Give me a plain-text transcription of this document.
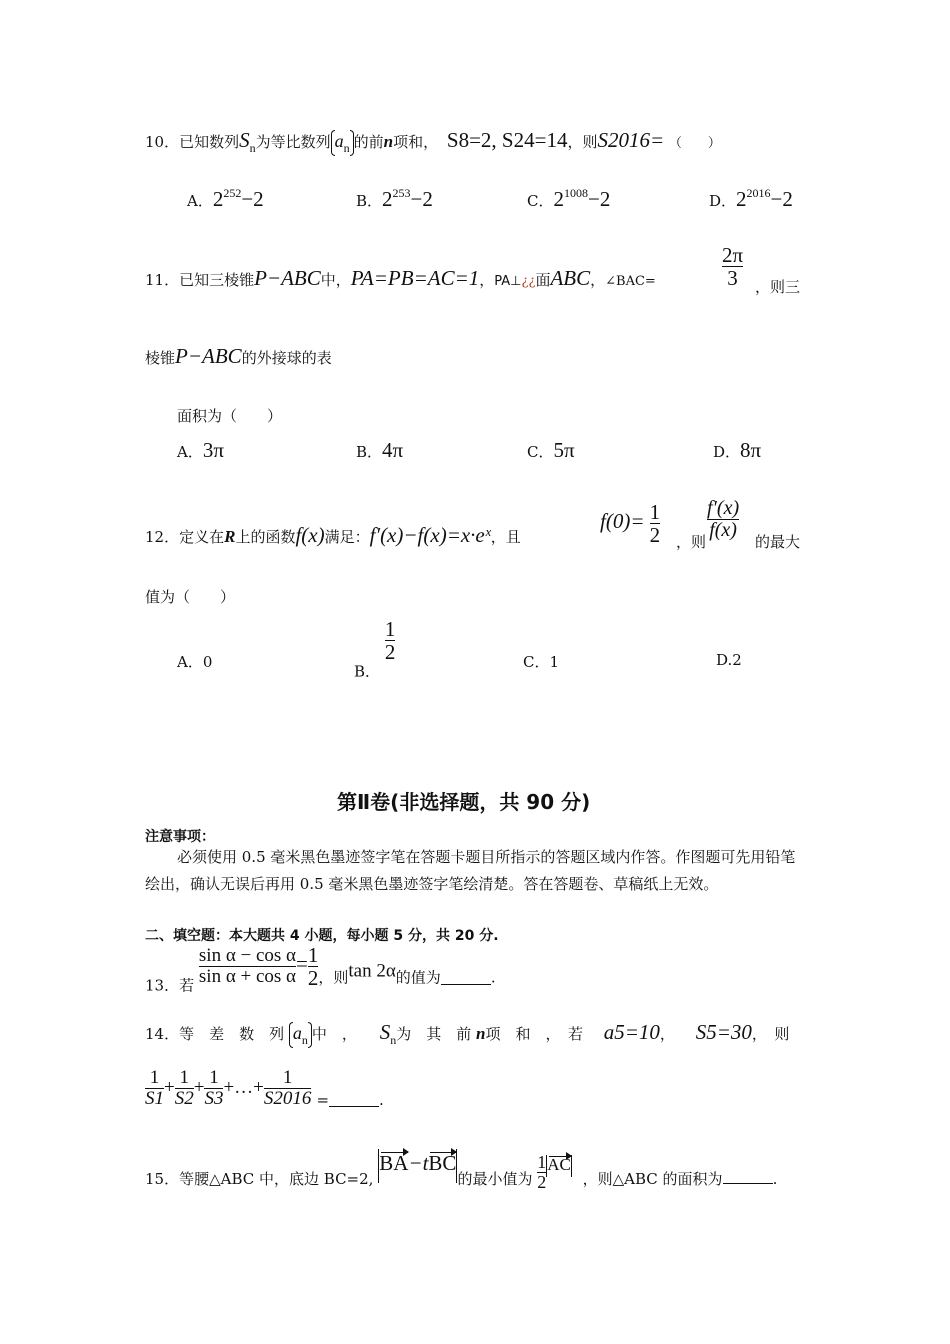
10．已知数列$S_n$为等比数列 $a_n$ 的前n项和， S8=2, S24=14，则S2016= （　　）
A．$2^{252}-2$	B．$2^{253}-2$	C．$2^{1008}-2$	D．$2^{2016}-2$
11．已知三棱锥P−ABC中，PA=PB=AC=1，PA⊥¿¿面ABC，∠BAC=	$\frac{2\pi}{3}$ ，则三
棱锥P−ABC的外接球的表
面积为（　　）
A．3π	B．4π	C．5π	D．8π
12．定义在R上的函数f(x)满足：f′(x)−f(x)=x·eˣ，且
$f(0)= \frac{1}{2}$ ，则
$\frac{f'(x)}{f(x)}$
的最大
值为（　　）
A．0
B．
$\frac{1}{2}$	C．1	D.2
第Ⅱ卷(非选择题，共 90 分)
注意事项：
必须使用 0.5 毫米黑色墨迹签字笔在答题卡题目所指示的答题区域内作答。作图题可先用铅笔绘出，确认无误后再用 0.5 毫米黑色墨迹签字笔绘清楚。答在答题卷、草稿纸上无效。
二、填空题：本大题共 4 小题，每小题 5 分，共 20 分.
13．若 $\frac{\text{sin α − cos α}}{\text{sin α + cos α}} = \frac{1}{2}$ ，则tan 2α的值为	.
14．等　差　数　列 $a_n$ 中　， $S_n$为　其　前 n项　和　，　若 a5=10， S5=30，　则
$\frac{1}{S1} + \frac{1}{S2} + \frac{1}{S3}$ +…+ $\frac{1}{S2016}$ =	.
15．等腰△ABC 中，底边 BC=2, BA−tBC的最小值为 $\frac{1}{2}$ AC ，则△ABC 的面积为	.
